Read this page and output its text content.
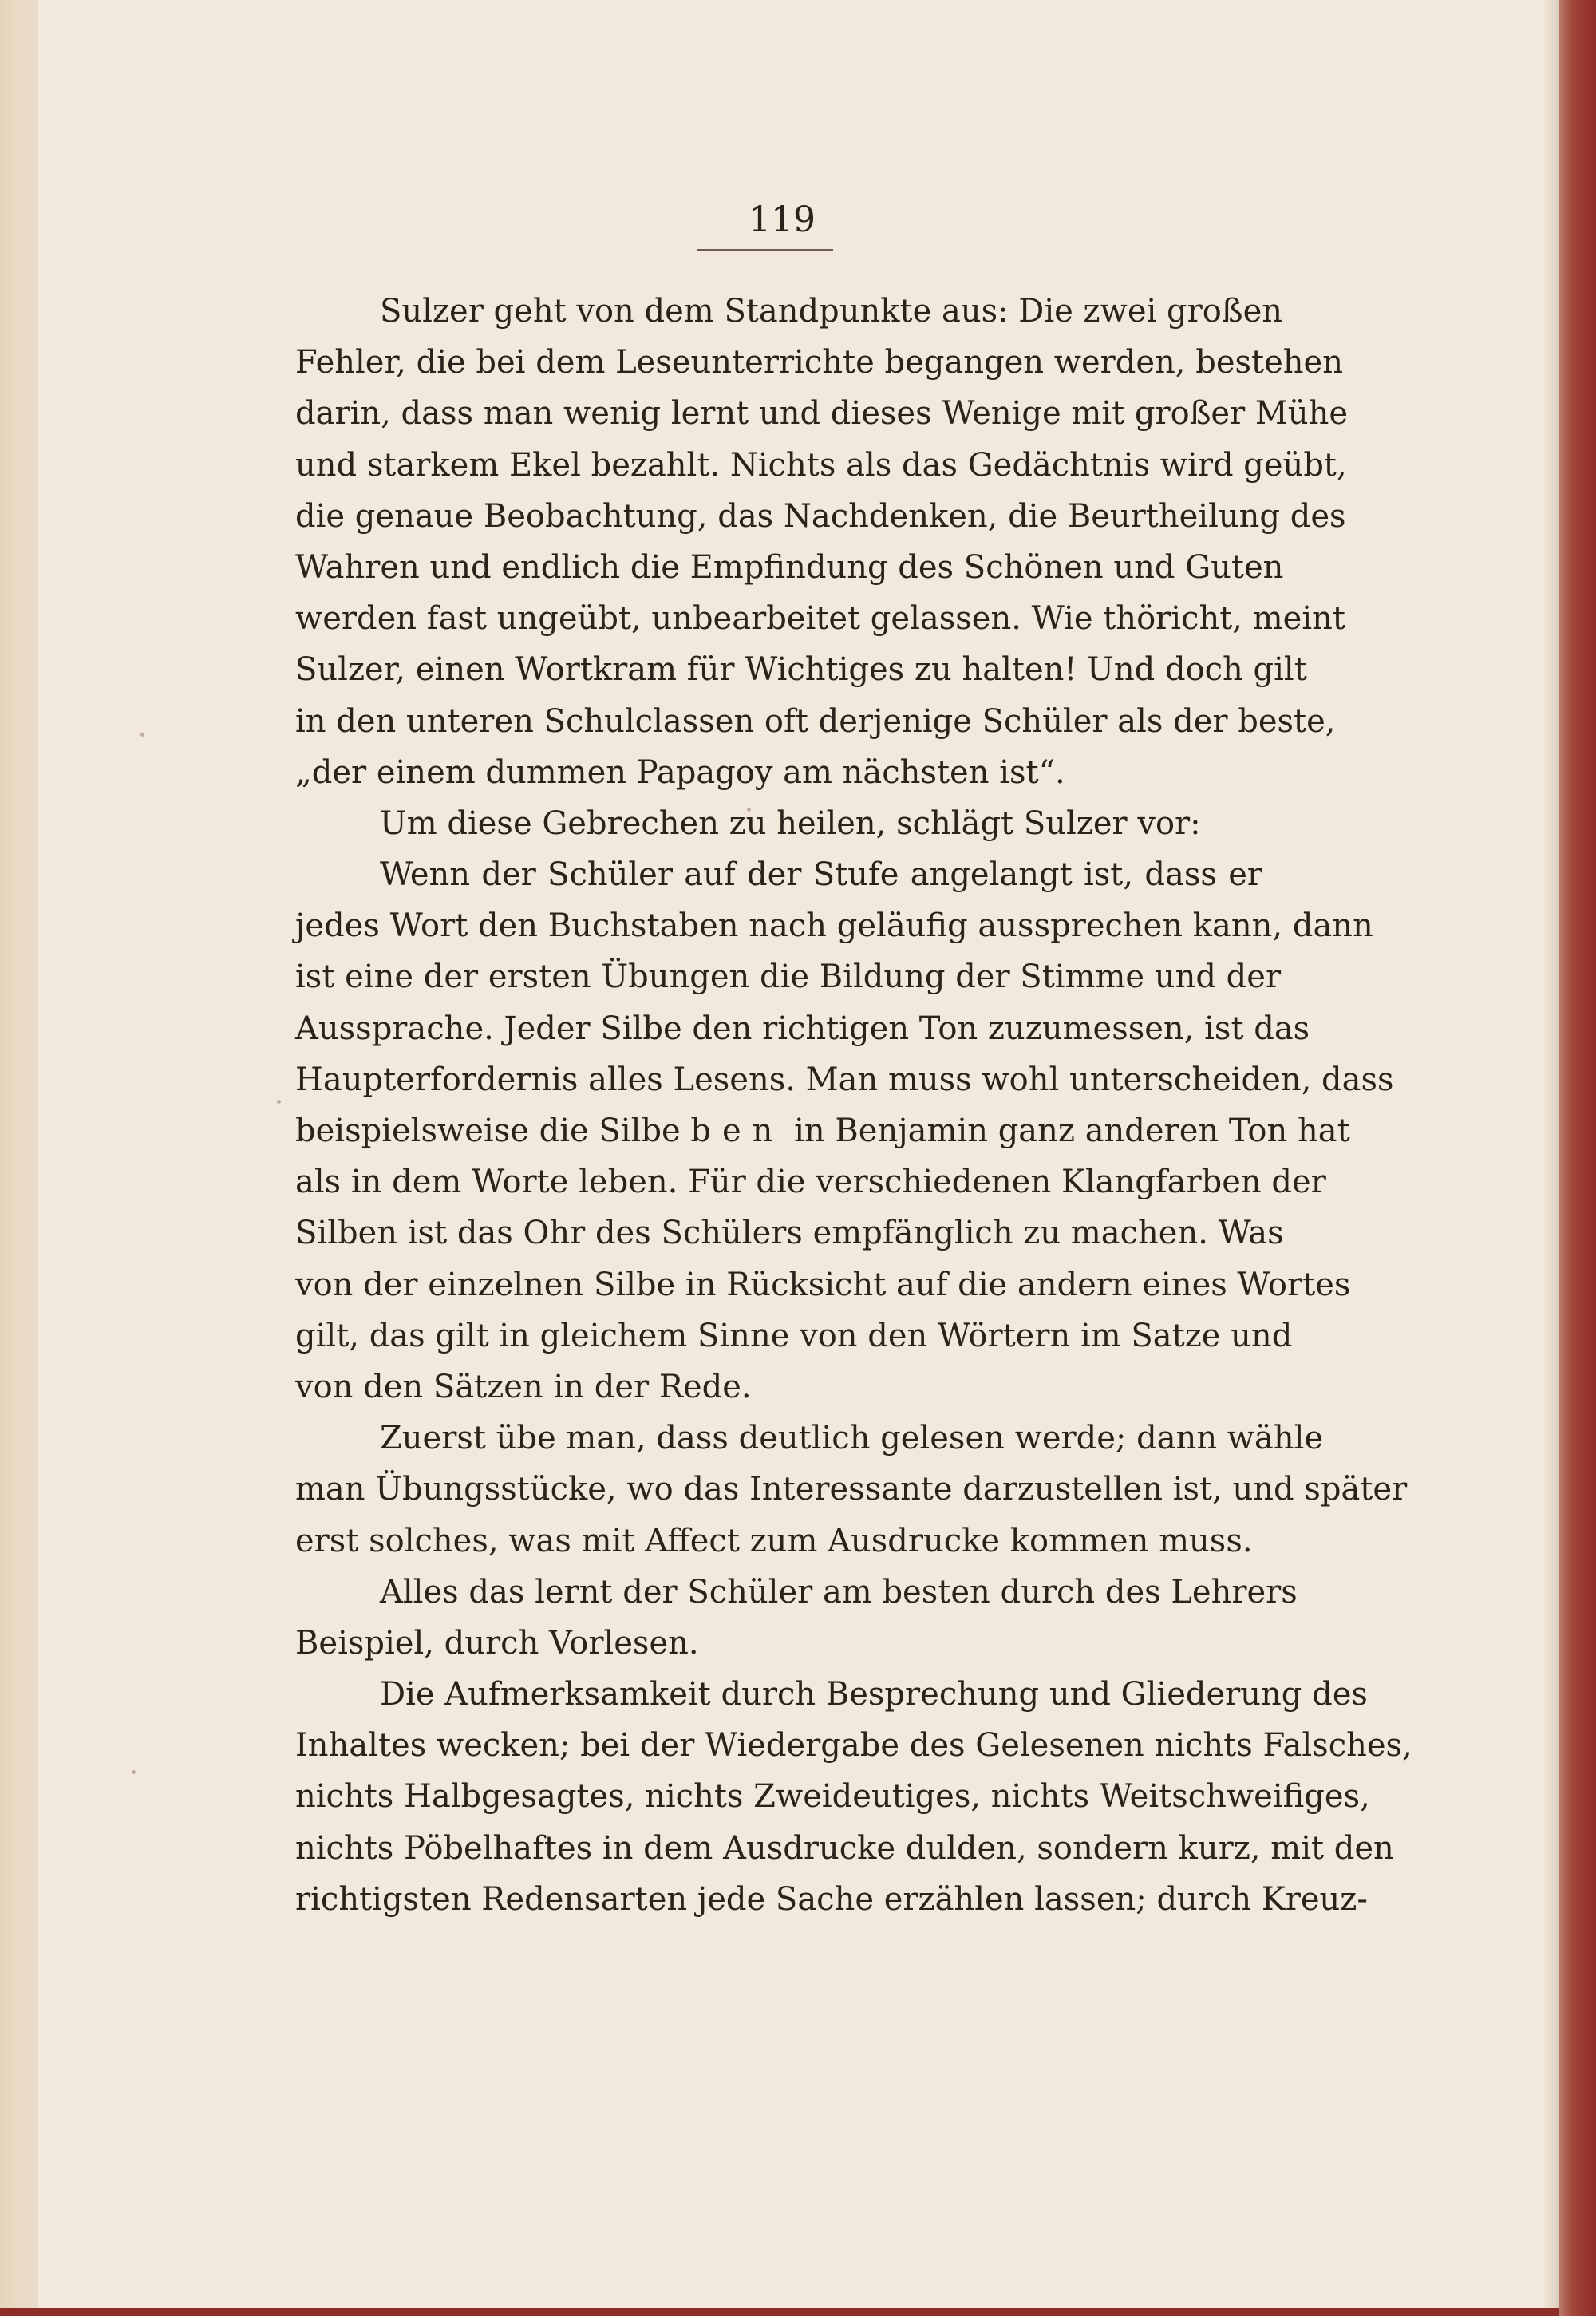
119
Sulzer geht von dem Standpunkte aus: Die zwei großen
Fehler, die bei dem Leseunterrichte begangen werden, bestehen
darin, dass man wenig lernt und dieses Wenige mit großer Mühe
und starkem Ekel bezahlt. Nichts als das Gedächtnis wird geübt,
die genaue Beobachtung, das Nachdenken, die Beurtheilung des
Wahren und endlich die Empfindung des Schönen und Guten
werden fast ungeübt, unbearbeitet gelassen. Wie thöricht, meint
Sulzer, einen Wortkram für Wichtiges zu halten! Und doch gilt
in den unteren Schulclassen oft derjenige Schüler als der beste,
„der einem dummen Papagoy am nächsten ist“.
Um diese Gebrechen zu heilen, schlägt Sulzer vor:
Wenn der Schüler auf der Stufe angelangt ist, dass er
jedes Wort den Buchstaben nach geläufig aussprechen kann, dann
ist eine der ersten Übungen die Bildung der Stimme und der
Aussprache. Jeder Silbe den richtigen Ton zuzumessen, ist das
Haupterfordernis alles Lesens. Man muss wohl unterscheiden, dass
beispielsweise die Silbe ben in Benjamin ganz anderen Ton hat
als in dem Worte leben. Für die verschiedenen Klangfarben der
Silben ist das Ohr des Schülers empfänglich zu machen. Was
von der einzelnen Silbe in Rücksicht auf die andern eines Wortes
gilt, das gilt in gleichem Sinne von den Wörtern im Satze und
von den Sätzen in der Rede.
Zuerst übe man, dass deutlich gelesen werde; dann wähle
man Übungsstücke, wo das Interessante darzustellen ist, und später
erst solches, was mit Affect zum Ausdrucke kommen muss.
Alles das lernt der Schüler am besten durch des Lehrers
Beispiel, durch Vorlesen.
Die Aufmerksamkeit durch Besprechung und Gliederung des
Inhaltes wecken; bei der Wiedergabe des Gelesenen nichts Falsches,
nichts Halbgesagtes, nichts Zweideutiges, nichts Weitschweifiges,
nichts Pöbelhaftes in dem Ausdrucke dulden, sondern kurz, mit den
richtigsten Redensarten jede Sache erzählen lassen; durch Kreuz-
